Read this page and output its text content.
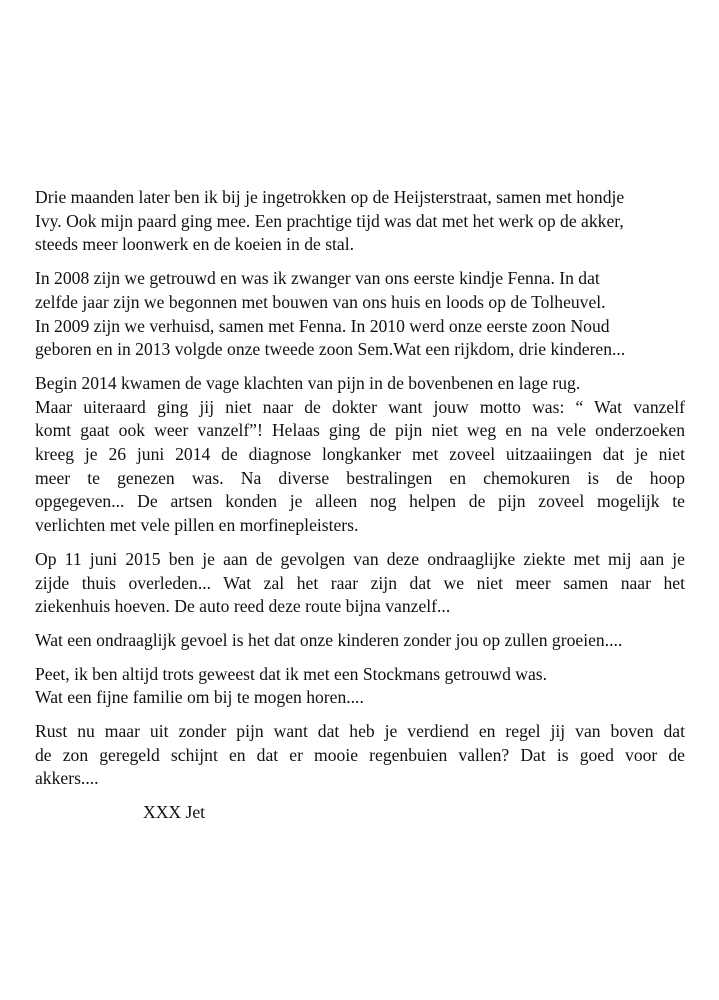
Drie maanden later ben ik bij je ingetrokken op de Heijsterstraat, samen met hondje
Ivy. Ook mijn paard ging mee. Een prachtige tijd was dat met het werk op de akker,
steeds meer loonwerk en de koeien in de stal.

In 2008 zijn we getrouwd en was ik zwanger van ons eerste kindje Fenna. In dat
zelfde jaar zijn we begonnen met bouwen van ons huis en loods op de Tolheuvel.
In 2009 zijn we verhuisd, samen met Fenna. In 2010 werd onze eerste zoon Noud
geboren en in 2013 volgde onze tweede zoon Sem.Wat een rijkdom, drie kinderen...

Begin 2014 kwamen de vage klachten van pijn in de bovenbenen en lage rug.
Maar uiteraard ging jij niet naar de dokter want jouw motto was: “ Wat vanzelf
komt gaat ook weer vanzelf”! Helaas ging de pijn niet weg en na vele onderzoeken
kreeg je 26 juni 2014 de diagnose longkanker met zoveel uitzaaiingen dat je niet
meer te genezen was. Na diverse bestralingen en chemokuren is de hoop
opgegeven... De artsen konden je alleen nog helpen de pijn zoveel mogelijk te
verlichten met vele pillen en morfinepleisters.

Op 11 juni 2015 ben je aan de gevolgen van deze ondraaglijke ziekte met mij aan je
zijde thuis overleden... Wat zal het raar zijn dat we niet meer samen naar het
ziekenhuis hoeven. De auto reed deze route bijna vanzelf...

Wat een ondraaglijk gevoel is het dat onze kinderen zonder jou op zullen groeien....

Peet, ik ben altijd trots geweest dat ik met een Stockmans getrouwd was.
Wat een fijne familie om bij te mogen horen....

Rust nu maar uit zonder pijn want dat heb je verdiend en regel jij van boven dat
de zon geregeld schijnt en dat er mooie regenbuien vallen? Dat is goed voor de
akkers....

XXX Jet
